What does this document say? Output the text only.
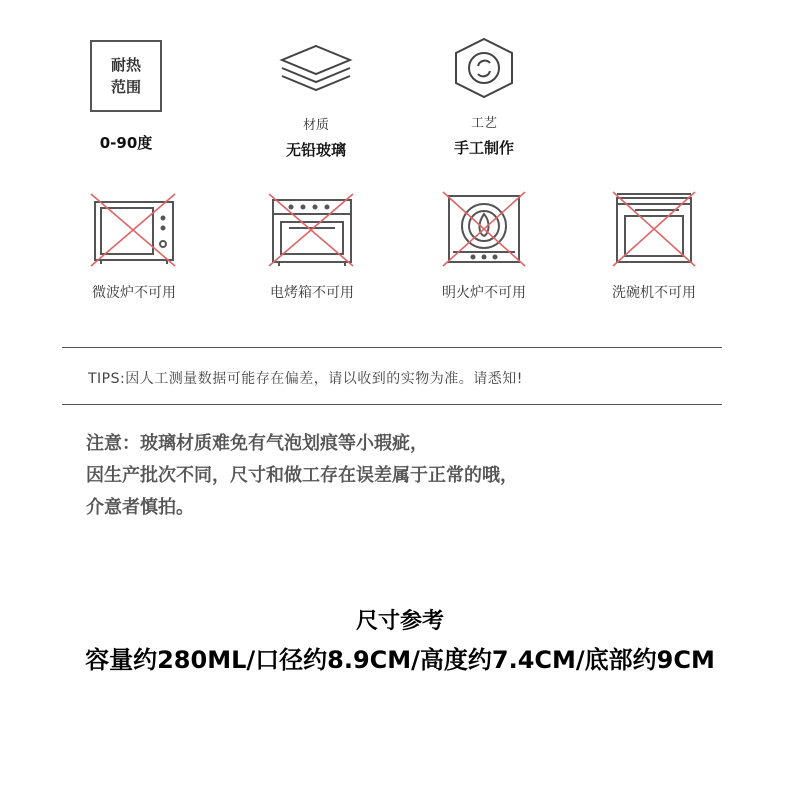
耐热
范围
0-90度
材质
无铅玻璃
工艺
手工制作
微波炉不可用	电烤箱不可用	明火炉不可用	洗碗机不可用
TIPS:因人工测量数据可能存在偏差，请以收到的实物为准。请悉知!
注意：玻璃材质难免有气泡划痕等小瑕疵，
因生产批次不同，尺寸和做工存在误差属于正常的哦，
介意者慎拍。
尺寸参考
容量约280ML/口径约8.9CM/高度约7.4CM/底部约9CM
